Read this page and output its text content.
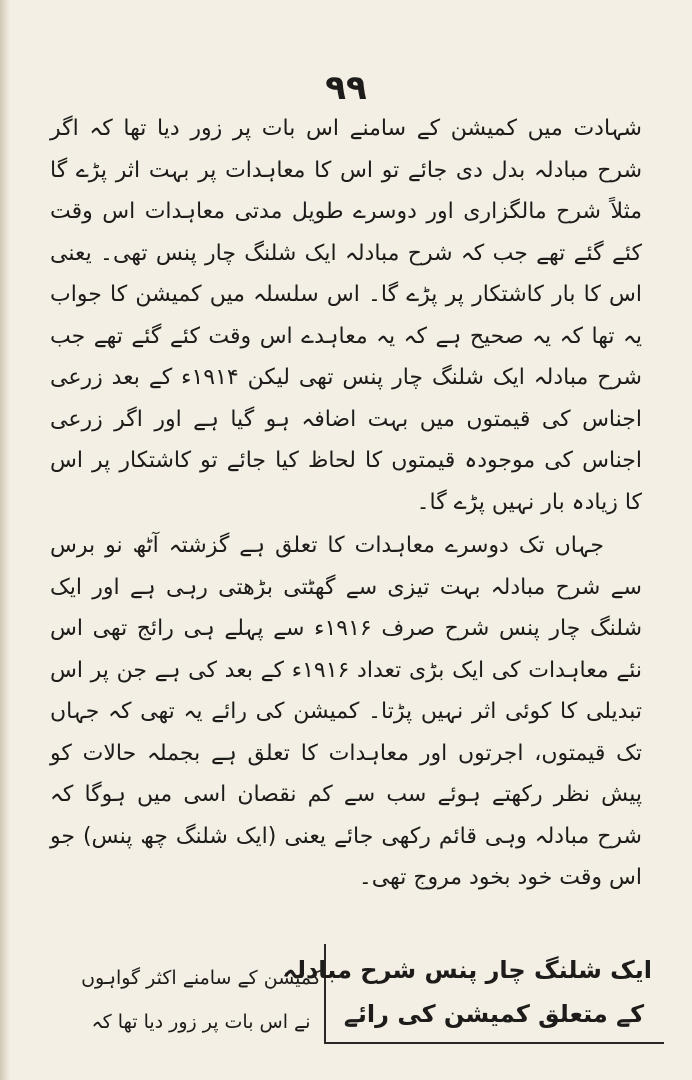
٩٩

شہادت میں کمیشن کے سامنے اس بات پر زور دیا تھا کہ اگر شرح مبادلہ بدل دی جائے تو اس کا معاہدات پر بہت اثر پڑے گا مثلاً شرح مالگزاری اور دوسرے طویل مدتی معاہدات اس وقت کئے گئے تھے جب کہ شرح مبادلہ ایک شلنگ چار پنس تھی۔ یعنی اس کا بار کاشتکار پر پڑے گا۔ اس سلسلہ میں کمیشن کا جواب یہ تھا کہ یہ صحیح ہے کہ یہ معاہدے اس وقت کئے گئے تھے جب شرح مبادلہ ایک شلنگ چار پنس تھی لیکن ۱۹۱۴ء کے بعد زرعی اجناس کی قیمتوں میں بہت اضافہ ہو گیا ہے اور اگر زرعی اجناس کی موجودہ قیمتوں کا لحاظ کیا جائے تو کاشتکار پر اس کا زیادہ بار نہیں پڑے گا۔

جہاں تک دوسرے معاہدات کا تعلق ہے گزشتہ آٹھ نو برس سے شرح مبادلہ بہت تیزی سے گھٹتی بڑھتی رہی ہے اور ایک شلنگ چار پنس شرح صرف ۱۹۱۶ء سے پہلے ہی رائج تھی اس نئے معاہدات کی ایک بڑی تعداد ۱۹۱۶ء کے بعد کی ہے جن پر اس تبدیلی کا کوئی اثر نہیں پڑتا۔ کمیشن کی رائے یہ تھی کہ جہاں تک قیمتوں، اجرتوں اور معاہدات کا تعلق ہے بجملہ حالات کو پیش نظر رکھتے ہوئے سب سے کم نقصان اسی میں ہوگا کہ شرح مبادلہ وہی قائم رکھی جائے یعنی (ایک شلنگ چھ پنس) جو اس وقت خود بخود مروج تھی۔

ایک شلنگ چار پنس شرح مبادلہ
کے متعلق کمیشن کی رائے
کمیشن کے سامنے اکثر گواہوں
نے اس بات پر زور دیا تھا کہ
